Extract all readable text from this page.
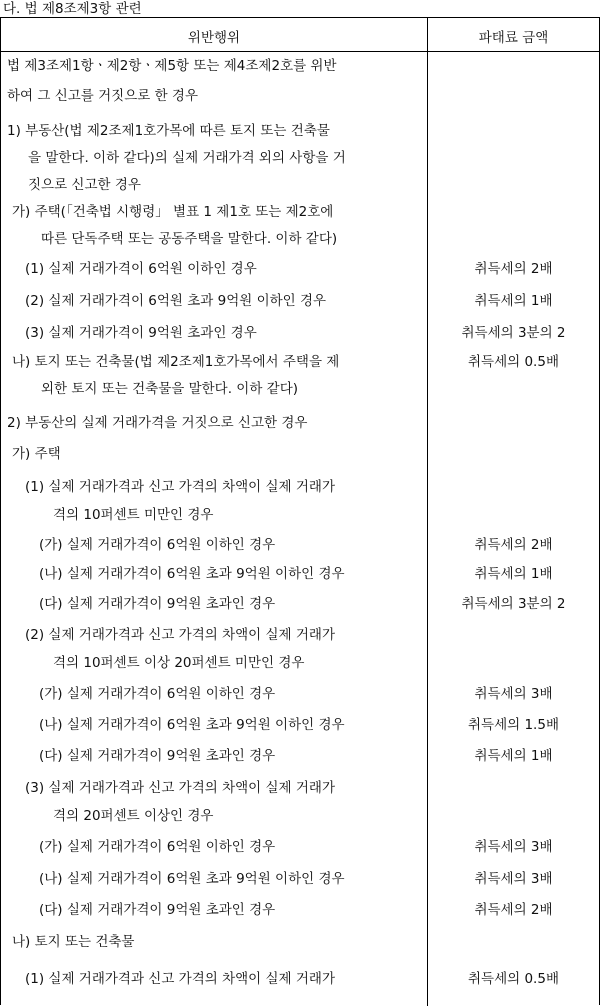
다. 법 제8조제3항 관련
위반행위	파태료 금액
법 제3조제1항ㆍ제2항ㆍ제5항 또는 제4조제2호를 위반
하여 그 신고를 거짓으로 한 경우
1) 부동산(법 제2조제1호가목에 따른 토지 또는 건축물
을 말한다. 이하 같다)의 실제 거래가격 외의 사항을 거
짓으로 신고한 경우
가) 주택(「건축법 시행령」 별표 1 제1호 또는 제2호에
따른 단독주택 또는 공동주택을 말한다. 이하 같다)
(1) 실제 거래가격이 6억원 이하인 경우
(2) 실제 거래가격이 6억원 초과 9억원 이하인 경우
(3) 실제 거래가격이 9억원 초과인 경우
나) 토지 또는 건축물(법 제2조제1호가목에서 주택을 제
외한 토지 또는 건축물을 말한다. 이하 같다)
2) 부동산의 실제 거래가격을 거짓으로 신고한 경우
가) 주택
(1) 실제 거래가격과 신고 가격의 차액이 실제 거래가
격의 10퍼센트 미만인 경우
(가) 실제 거래가격이 6억원 이하인 경우
(나) 실제 거래가격이 6억원 초과 9억원 이하인 경우
(다) 실제 거래가격이 9억원 초과인 경우
(2) 실제 거래가격과 신고 가격의 차액이 실제 거래가
격의 10퍼센트 이상 20퍼센트 미만인 경우
(가) 실제 거래가격이 6억원 이하인 경우
(나) 실제 거래가격이 6억원 초과 9억원 이하인 경우
(다) 실제 거래가격이 9억원 초과인 경우
(3) 실제 거래가격과 신고 가격의 차액이 실제 거래가
격의 20퍼센트 이상인 경우
(가) 실제 거래가격이 6억원 이하인 경우
(나) 실제 거래가격이 6억원 초과 9억원 이하인 경우
(다) 실제 거래가격이 9억원 초과인 경우
나) 토지 또는 건축물
(1) 실제 거래가격과 신고 가격의 차액이 실제 거래가
취득세의 2배
취득세의 1배
취득세의 3분의 2
취득세의 0.5배
취득세의 2배
취득세의 1배
취득세의 3분의 2
취득세의 3배
취득세의 1.5배
취득세의 1배
취득세의 3배
취득세의 3배
취득세의 2배
취득세의 0.5배
